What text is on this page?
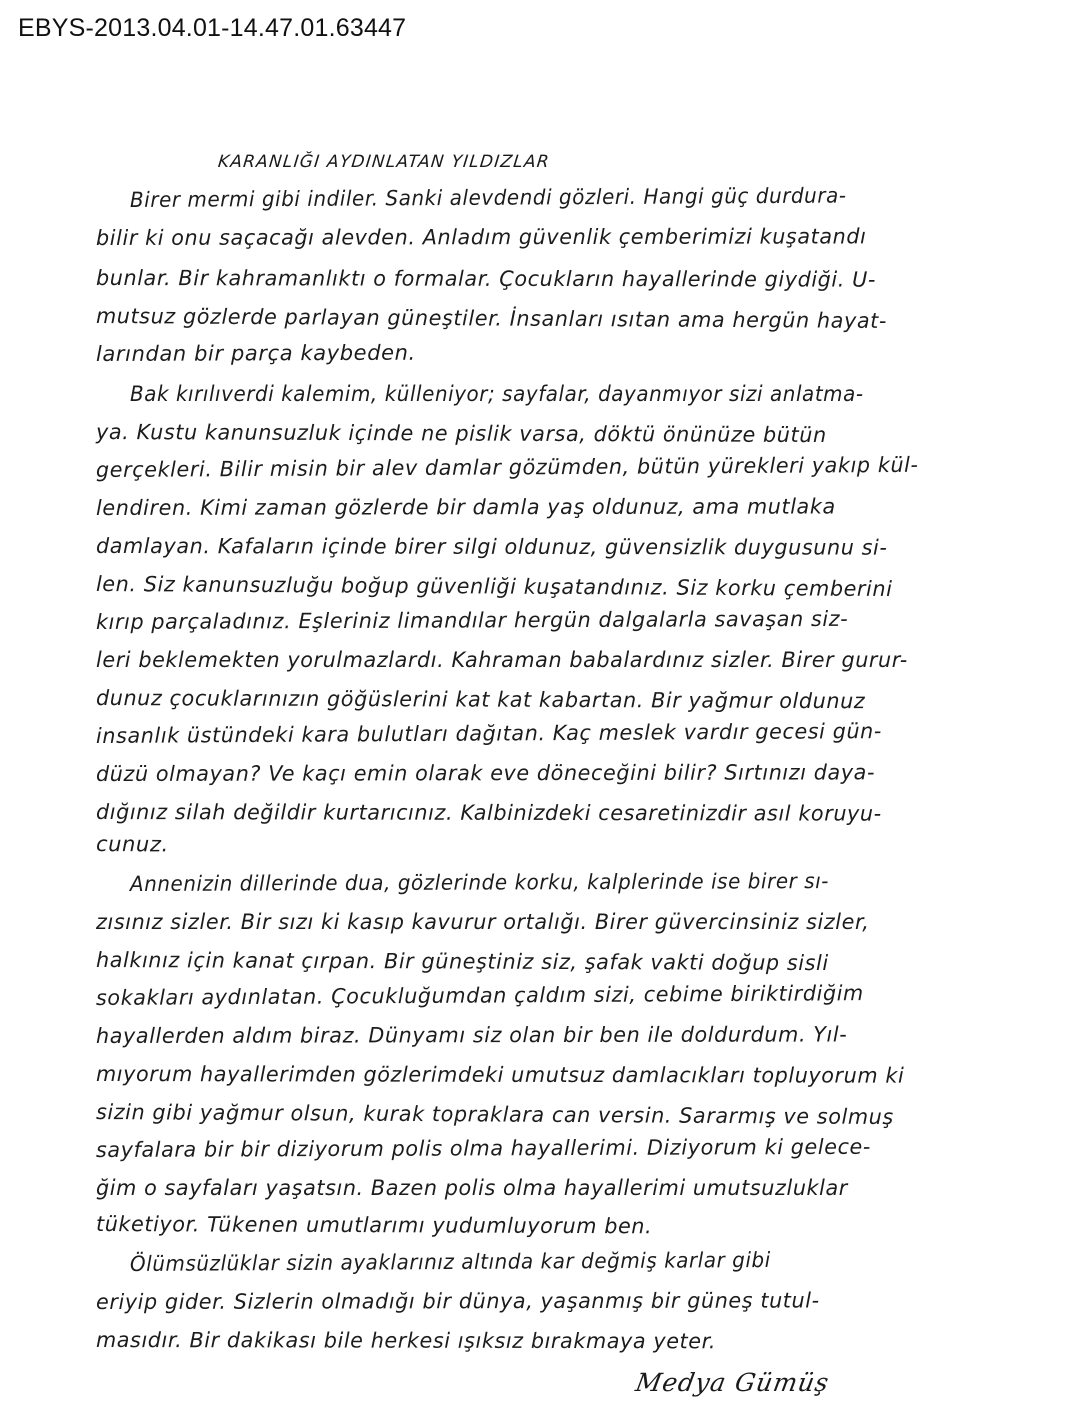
EBYS-2013.04.01-14.47.01.63447
KARANLIĞI AYDINLATAN YILDIZLAR
Birer mermi gibi indiler. Sanki alevdendi gözleri. Hangi güç durdura-
bilir ki onu saçacağı alevden. Anladım güvenlik çemberimizi kuşatandı
bunlar. Bir kahramanlıktı o formalar. Çocukların hayallerinde giydiği. U-
mutsuz gözlerde parlayan güneştiler. İnsanları ısıtan ama hergün hayat-
larından bir parça kaybeden.
Bak kırılıverdi kalemim, külleniyor; sayfalar, dayanmıyor sizi anlatma-
ya. Kustu kanunsuzluk içinde ne pislik varsa, döktü önünüze bütün
gerçekleri. Bilir misin bir alev damlar gözümden, bütün yürekleri yakıp kül-
lendiren. Kimi zaman gözlerde bir damla yaş oldunuz, ama mutlaka
damlayan. Kafaların içinde birer silgi oldunuz, güvensizlik duygusunu si-
len. Siz kanunsuzluğu boğup güvenliği kuşatandınız. Siz korku çemberini
kırıp parçaladınız. Eşleriniz limandılar hergün dalgalarla savaşan siz-
leri beklemekten yorulmazlardı. Kahraman babalardınız sizler. Birer gurur-
dunuz çocuklarınızın göğüslerini kat kat kabartan. Bir yağmur oldunuz
insanlık üstündeki kara bulutları dağıtan. Kaç meslek vardır gecesi gün-
düzü olmayan? Ve kaçı emin olarak eve döneceğini bilir? Sırtınızı daya-
dığınız silah değildir kurtarıcınız. Kalbinizdeki cesaretinizdir asıl koruyu-
cunuz.
Annenizin dillerinde dua, gözlerinde korku, kalplerinde ise birer sı-
zısınız sizler. Bir sızı ki kasıp kavurur ortalığı. Birer güvercinsiniz sizler,
halkınız için kanat çırpan. Bir güneştiniz siz, şafak vakti doğup sisli
sokakları aydınlatan. Çocukluğumdan çaldım sizi, cebime biriktirdiğim
hayallerden aldım biraz. Dünyamı siz olan bir ben ile doldurdum. Yıl-
mıyorum hayallerimden gözlerimdeki umutsuz damlacıkları topluyorum ki
sizin gibi yağmur olsun, kurak topraklara can versin. Sararmış ve solmuş
sayfalara bir bir diziyorum polis olma hayallerimi. Diziyorum ki gelece-
ğim o sayfaları yaşatsın. Bazen polis olma hayallerimi umutsuzluklar
tüketiyor. Tükenen umutlarımı yudumluyorum ben.
Ölümsüzlüklar sizin ayaklarınız altında kar değmiş karlar gibi
eriyip gider. Sizlerin olmadığı bir dünya, yaşanmış bir güneş tutul-
masıdır. Bir dakikası bile herkesi ışıksız bırakmaya yeter.
Medya Gümüş
